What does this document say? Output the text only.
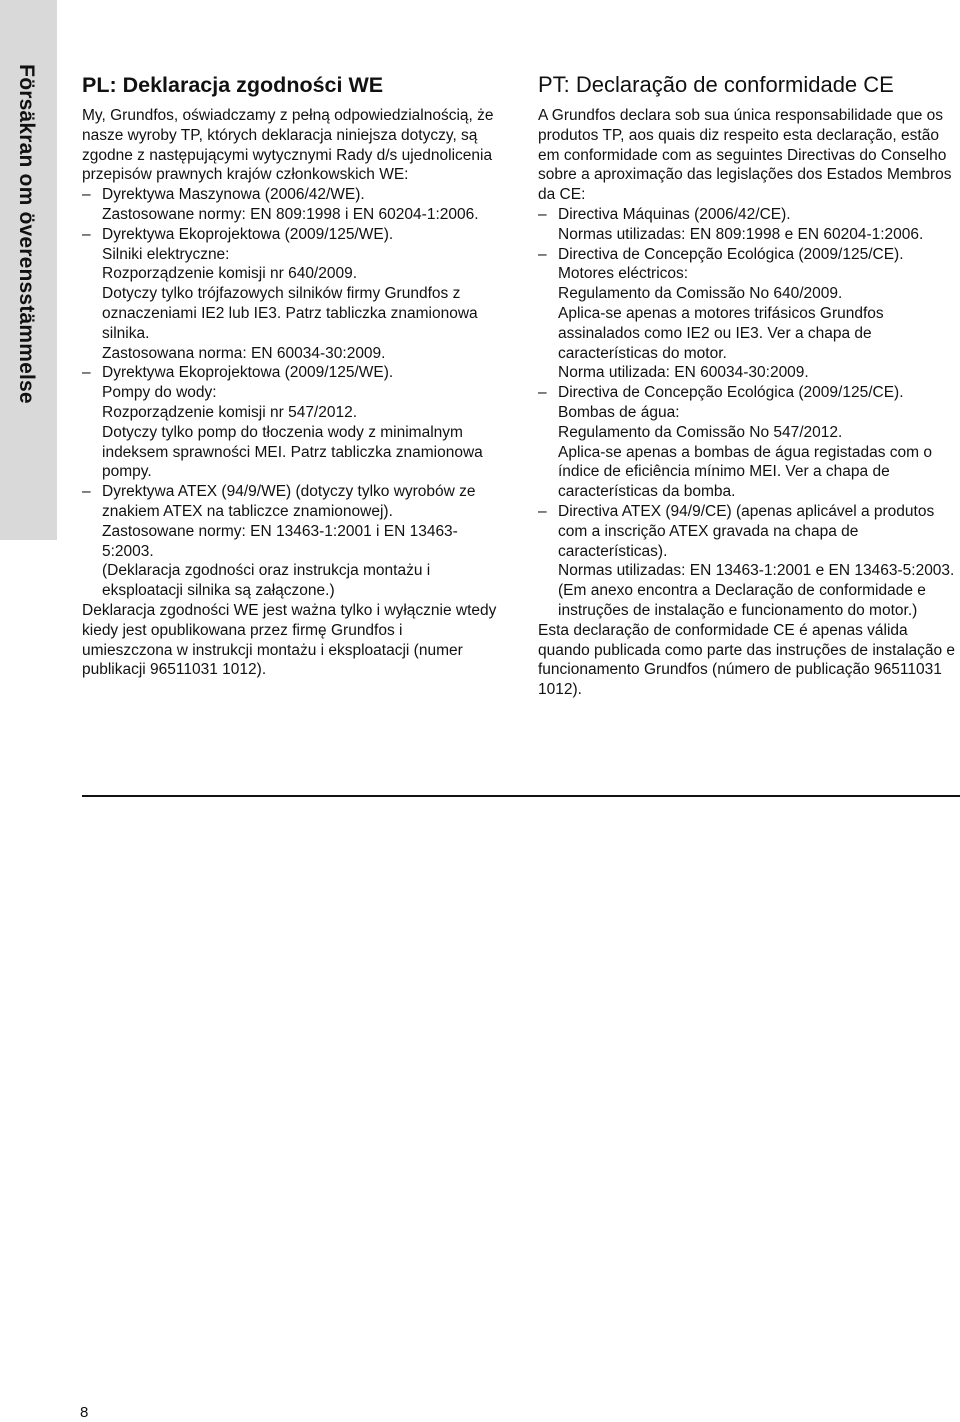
Försäkran om överensstämmelse PL: Deklaracja zgodności WE

My, Grundfos, oświadczamy z pełną odpowiedzialnością, że nasze wyroby TP, których deklaracja niniejsza dotyczy, są zgodne z następującymi wytycznymi Rady d/s ujednolicenia przepisów prawnych krajów członkowskich WE:

– Dyrektywa Maszynowa (2006/42/WE).
Zastosowane normy: EN 809:1998 i EN 60204-1:2006.
– Dyrektywa Ekoprojektowa (2009/125/WE).
Silniki elektryczne:
Rozporządzenie komisji nr 640/2009.
Dotyczy tylko trójfazowych silników firmy Grundfos z oznaczeniami IE2 lub IE3. Patrz tabliczka znamionowa silnika.
Zastosowana norma: EN 60034-30:2009.
– Dyrektywa Ekoprojektowa (2009/125/WE).
Pompy do wody:
Rozporządzenie komisji nr 547/2012.
Dotyczy tylko pomp do tłoczenia wody z minimalnym indeksem sprawności MEI. Patrz tabliczka znamionowa pompy.
– Dyrektywa ATEX (94/9/WE) (dotyczy tylko wyrobów ze znakiem ATEX na tabliczce znamionowej).
Zastosowane normy: EN 13463-1:2001 i EN 13463-5:2003.
(Deklaracja zgodności oraz instrukcja montażu i eksploatacji silnika są załączone.)

Deklaracja zgodności WE jest ważna tylko i wyłącznie wtedy kiedy jest opublikowana przez firmę Grundfos i umieszczona w instrukcji montażu i eksploatacji (numer publikacji 96511031 1012).

PT: Declaração de conformidade CE

A Grundfos declara sob sua única responsabilidade que os produtos TP, aos quais diz respeito esta declaração, estão em conformidade com as seguintes Directivas do Conselho sobre a aproximação das legislações dos Estados Membros da CE:

– Directiva Máquinas (2006/42/CE).
Normas utilizadas: EN 809:1998 e EN 60204-1:2006.
– Directiva de Concepção Ecológica (2009/125/CE).
Motores eléctricos:
Regulamento da Comissão No 640/2009.
Aplica-se apenas a motores trifásicos Grundfos assinalados como IE2 ou IE3. Ver a chapa de características do motor.
Norma utilizada: EN 60034-30:2009.
– Directiva de Concepção Ecológica (2009/125/CE).
Bombas de água:
Regulamento da Comissão No 547/2012.
Aplica-se apenas a bombas de água registadas com o índice de eficiência mínimo MEI. Ver a chapa de características da bomba.
– Directiva ATEX (94/9/CE) (apenas aplicável a produtos com a inscrição ATEX gravada na chapa de características).
Normas utilizadas: EN 13463-1:2001 e EN 13463-5:2003.
(Em anexo encontra a Declaração de conformidade e instruções de instalação e funcionamento do motor.)

Esta declaração de conformidade CE é apenas válida quando publicada como parte das instruções de instalação e funcionamento Grundfos (número de publicação 96511031 1012).

8
